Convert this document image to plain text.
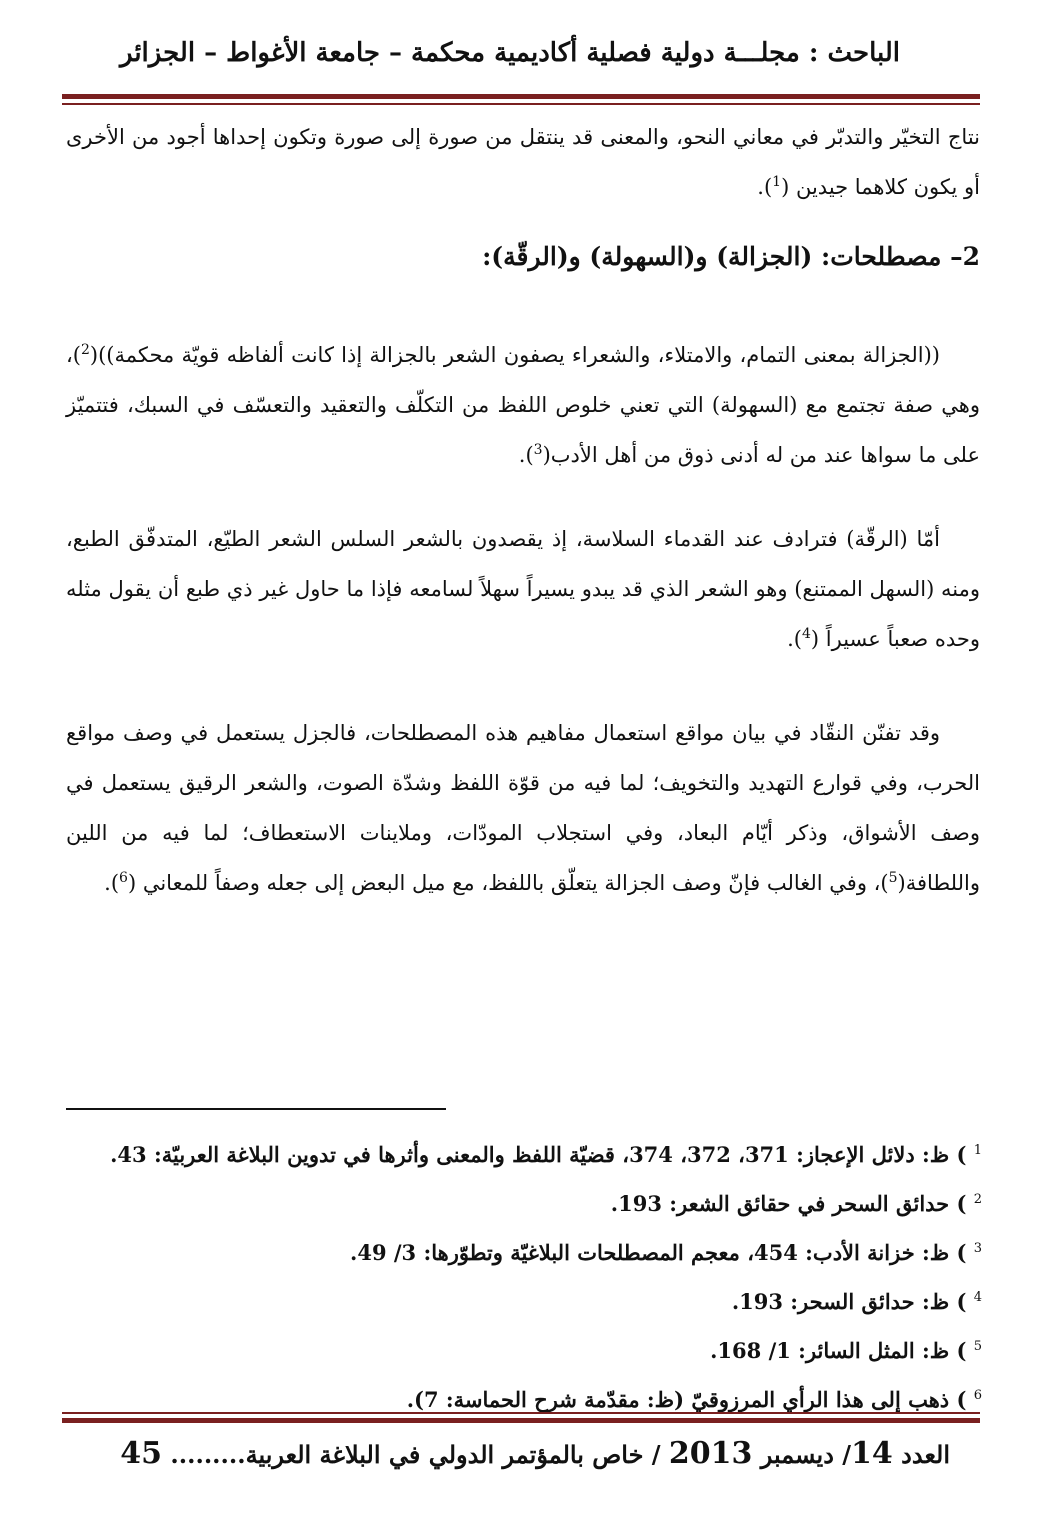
الباحث : مجلـــة دولية فصلية أكاديمية محكمة – جامعة الأغواط – الجزائر

نتاج التخيّر والتدبّر في معاني النحو، والمعنى قد ينتقل من صورة إلى صورة وتكون إحداها أجود من الأخرى أو يكون كلاهما جيدين ($^1$).

2– مصطلحات: (الجزالة) و(السهولة) و(الرقّة):

((الجزالة بمعنى التمام، والامتلاء، والشعراء يصفون الشعر بالجزالة إذا كانت ألفاظه قويّة محكمة))($^2$)، وهي صفة تجتمع مع (السهولة) التي تعني خلوص اللفظ من التكلّف والتعقيد والتعسّف في السبك، فتتميّز على ما سواها عند من له أدنى ذوق من أهل الأدب($^3$).

أمّا (الرقّة) فترادف عند القدماء السلاسة، إذ يقصدون بالشعر السلس الشعر الطيّع، المتدفّق الطبع، ومنه (السهل الممتنع) وهو الشعر الذي قد يبدو يسيراً سهلاً لسامعه فإذا ما حاول غير ذي طبع أن يقول مثله وحده صعباً عسيراً ($^4$).

وقد تفنّن النقّاد في بيان مواقع استعمال مفاهيم هذه المصطلحات، فالجزل يستعمل في وصف مواقع الحرب، وفي قوارع التهديد والتخويف؛ لما فيه من قوّة اللفظ وشدّة الصوت، والشعر الرقيق يستعمل في وصف الأشواق، وذكر أيّام البعاد، وفي استجلاب المودّات، وملاينات الاستعطاف؛ لما فيه من اللين واللطافة($^5$)، وفي الغالب فإنّ وصف الجزالة يتعلّق باللفظ، مع ميل البعض إلى جعله وصفاً للمعاني ($^6$).

$^1$ ) ظ: دلائل الإعجاز: 371، 372، 374، قضيّة اللفظ والمعنى وأثرها في تدوين البلاغة العربيّة: 43.
$^2$ ) حدائق السحر في حقائق الشعر: 193.
$^3$ ) ظ: خزانة الأدب: 454، معجم المصطلحات البلاغيّة وتطوّرها: 3/ 49.
$^4$ ) ظ: حدائق السحر: 193.
$^5$ ) ظ: المثل السائر: 1/ 168.
$^6$ ) ذهب إلى هذا الرأي المرزوقيّ (ظ: مقدّمة شرح الحماسة: 7).
العدد 14/ ديسمبر 2013 / خاص بالمؤتمر الدولي في البلاغة العربية......... 45
